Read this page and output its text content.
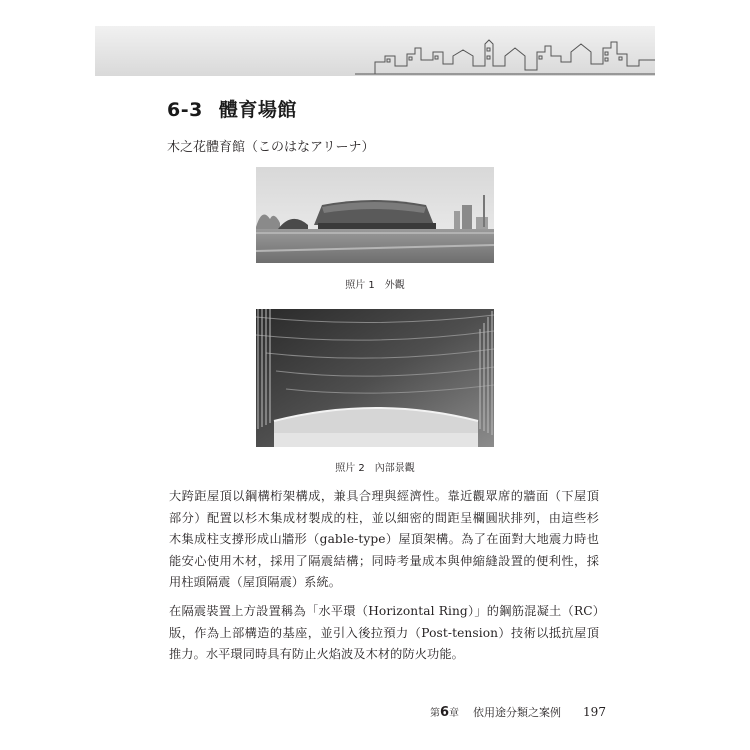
6-3 體育場館
木之花體育館（このはなアリーナ）
照片 1　外觀
照片 2　內部景觀
大跨距屋頂以鋼構桁架構成，兼具合理與經濟性。靠近觀眾席的牆面（下屋頂部分）配置以杉木集成材製成的柱，並以細密的間距呈欄圓狀排列，由這些杉木集成柱支撐形成山牆形（gable-type）屋頂架構。為了在面對大地震力時也能安心使用木材，採用了隔震結構；同時考量成本與伸縮縫設置的便利性，採用柱頭隔震（屋頂隔震）系統。
在隔震裝置上方設置稱為「水平環（Horizontal Ring）」的鋼筋混凝土（RC）版，作為上部構造的基座，並引入後拉預力（Post-tension）技術以抵抗屋頂推力。水平環同時具有防止火焰波及木材的防火功能。
第6章 依用途分類之案例 197
